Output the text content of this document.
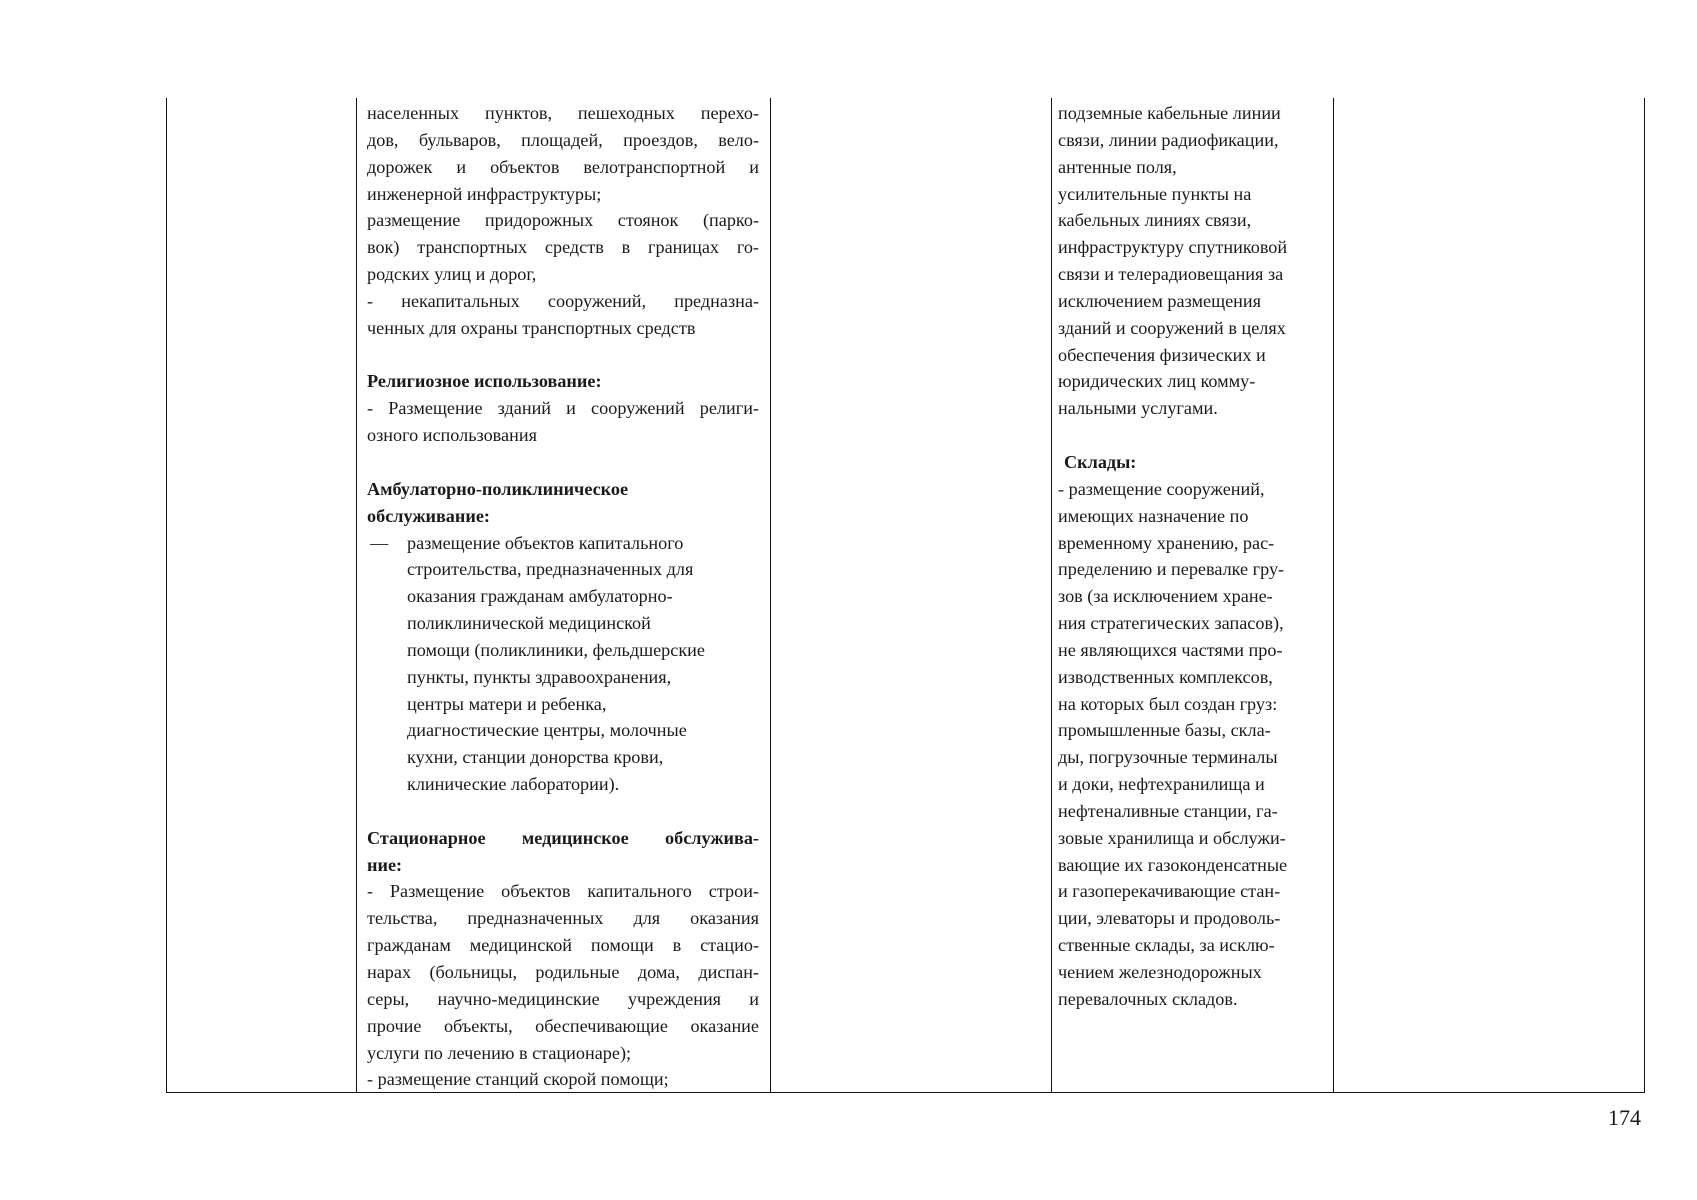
населенных пунктов, пешеходных перехо-

дов, бульваров, площадей, проездов, вело-

дорожек и объектов велотранспортной и

инженерной инфраструктуры;

размещение придорожных стоянок (парко-

вок) транспортных средств в границах го-

родских улиц и дорог,

- некапитальных сооружений, предназна-

ченных для охраны транспортных средств

Религиозное использование:

- Размещение зданий и сооружений религи-

озного использования

Амбулаторно-поликлиническое

обслуживание:

— размещение объектов капитального

строительства, предназначенных для

оказания гражданам амбулаторно-

поликлинической медицинской

помощи (поликлиники, фельдшерские

пункты, пункты здравоохранения,

центры матери и ребенка,

диагностические центры, молочные

кухни, станции донорства крови,

клинические лаборатории).

Стационарное медицинское обслужива-

ние:

- Размещение объектов капитального строи-

тельства, предназначенных для оказания

гражданам медицинской помощи в стацио-

нарах (больницы, родильные дома, диспан-

серы, научно-медицинские учреждения и

прочие объекты, обеспечивающие оказание

услуги по лечению в стационаре);

- размещение станций скорой помощи;

подземные кабельные линии

связи, линии радиофикации,

антенные поля,

усилительные пункты на

кабельных линиях связи,

инфраструктуру спутниковой

связи и телерадиовещания за

исключением размещения

зданий и сооружений в целях

обеспечения физических и

юридических лиц комму-

нальными услугами.

Склады:

- размещение сооружений,

имеющих назначение по

временному хранению, рас-

пределению и перевалке гру-

зов (за исключением хране-

ния стратегических запасов),

не являющихся частями про-

изводственных комплексов,

на которых был создан груз:

промышленные базы, скла-

ды, погрузочные терминалы

и доки, нефтехранилища и

нефтеналивные станции, га-

зовые хранилища и обслужи-

вающие их газоконденсатные

и газоперекачивающие стан-

ции, элеваторы и продоволь-

ственные склады, за исклю-

чением железнодорожных

перевалочных складов.

174
